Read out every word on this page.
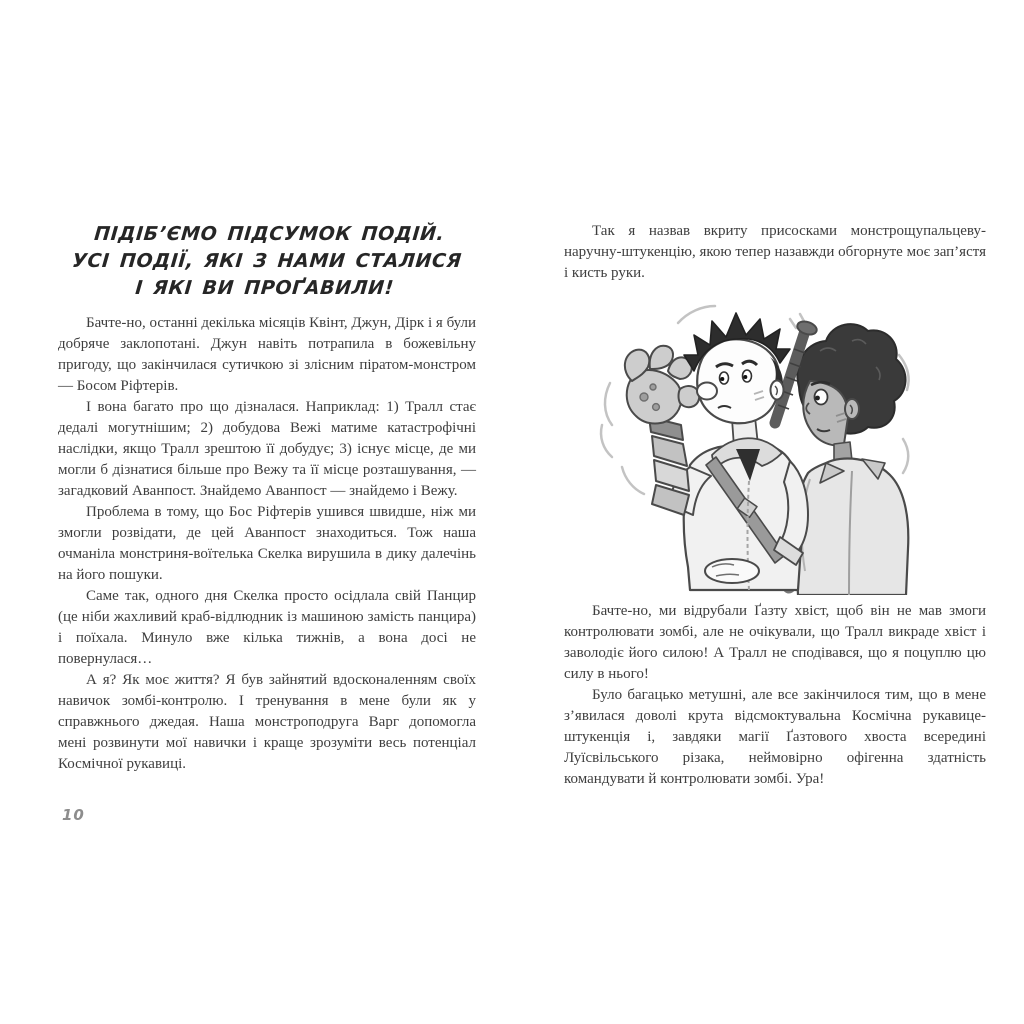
ПІДІБ’ЄМО ПІДСУМОК ПОДІЙ.
УСІ ПОДІЇ, ЯКІ З НАМИ СТАЛИСЯ
І ЯКІ ВИ ПРОҐАВИЛИ!

Бачте-но, останні декілька місяців Квінт, Джун, Дірк і я були добряче заклопотані. Джун навіть потрапила в божевільну пригоду, що закінчилася сутичкою зі злісним піратом-монстром — Босом Ріфтерів.

І вона багато про що дізналася. Наприклад: 1) Тралл стає дедалі могутнішим; 2) добудова Вежі матиме катастрофічні наслідки, якщо Тралл зрештою її добудує; 3) існує місце, де ми могли б дізнатися більше про Вежу та її місце розташування, — загадковий Аванпост. Знайдемо Аванпост — знайдемо і Вежу.

Проблема в тому, що Бос Ріфтерів ушився швидше, ніж ми змогли розвідати, де цей Аванпост знаходиться. Тож наша очманіла монстриня-воїтелька Скелка вирушила в дику далечінь на його пошуки.

Саме так, одного дня Скелка просто осідлала свій Панцир (це ніби жахливий краб-відлюдник із машиною замість панцира) і поїхала. Минуло вже кілька тижнів, а вона досі не повернулася…

А я? Як моє життя? Я був зайнятий вдосконаленням своїх навичок зомбі-контролю. І тренування в мене були як у справжнього джедая. Наша монстроподруга Варг допомогла мені розвинути мої навички і краще зрозуміти весь потенціал Космічної рукавиці.

10

Так я назвав вкриту присосками монстрощупальцеву-наручну-штукенцію, якою тепер назавжди обгорнуте моє зап’ястя і кисть руки.

Бачте-но, ми відрубали Ґазту хвіст, щоб він не мав змоги контролювати зомбі, але не очікували, що Тралл викраде хвіст і заволодіє його силою! А Тралл не сподівався, що я поцуплю цю силу в нього!

Було багацько метушні, але все закінчилося тим, що в мене з’явилася доволі крута відсмоктувальна Космічна рукавице-штукенція і, завдяки магії Ґазтового хвоста всередині Луїсвільського різака, неймовірно офігенна здатність командувати й контролювати зомбі. Ура!
